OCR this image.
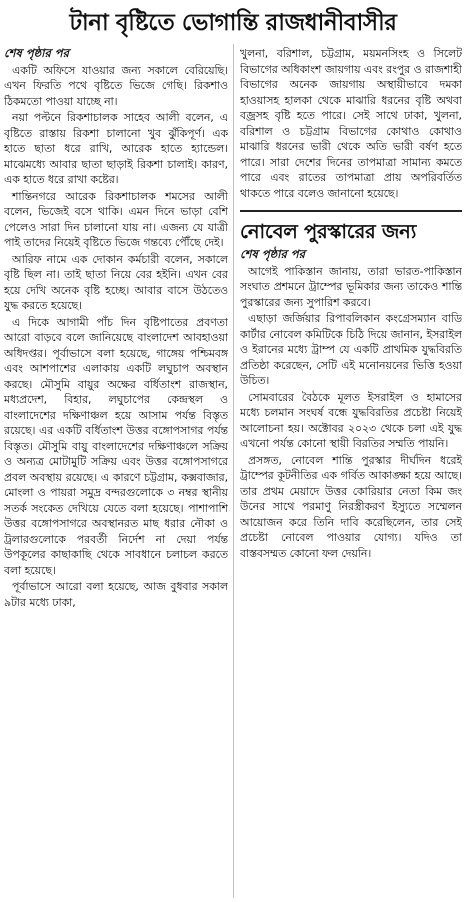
টানা বৃষ্টিতে ভোগান্তি রাজধানীবাসীর
শেষ পৃষ্ঠার পর

একটি অফিসে যাওয়ার জন্য সকালে বেরিয়েছি। এখন ফিরতি পথে বৃষ্টিতে ভিজে গেছি। রিকশাও ঠিকমতো পাওয়া যাচ্ছে না।

নয়া পল্টনে রিকশাচালক সাহেব আলী বলেন, এ বৃষ্টিতে রাস্তায় রিকশা চালানো খুব ঝুঁকিপূর্ণ। এক হাতে ছাতা ধরে রাখি, আরেক হাতে হ্যান্ডেল। মাঝেমধ্যে আবার ছাতা ছাড়াই রিকশা চালাই। কারণ, এক হাতে ধরে রাখা কষ্টের।

শান্তিনগরে আরেক রিকশাচালক শমসের আলী বলেন, ভিজেই বসে থাকি। এমন দিনে ভাড়া বেশি পেলেও সারা দিন চালানো যায় না। এজন্য যে যাত্রী পাই তাদের নিয়েই বৃষ্টিতে ভিজে গন্তব্যে পৌঁছে দেই।

আরিফ নামে এক দোকান কর্মচারী বলেন, সকালে বৃষ্টি ছিল না। তাই ছাতা নিয়ে বের হইনি। এখন বের হয়ে দেখি অনেক বৃষ্টি হচ্ছে। আবার বাসে উঠতেও যুদ্ধ করতে হয়েছে।

এ দিকে আগামী পাঁচ দিন বৃষ্টিপাতের প্রবণতা আরো বাড়বে বলে জানিয়েছে বাংলাদেশ আবহাওয়া অধিদপ্তর। পূর্বাভাসে বলা হয়েছে, গাঙ্গেয় পশ্চিমবঙ্গ এবং আশপাশের এলাকায় একটি লঘুচাপ অবস্থান করছে। মৌসুমি বায়ুর অক্ষের বর্ধিতাংশ রাজস্থান, মধ্যপ্রদেশ, বিহার, লঘুচাপের কেন্দ্রস্থল ও বাংলাদেশের দক্ষিণাঞ্চল হয়ে আসাম পর্যন্ত বিস্তৃত রয়েছে। এর একটি বর্ধিতাংশ উত্তর বঙ্গোপসাগর পর্যন্ত বিস্তৃত। মৌসুমি বায়ু বাংলাদেশের দক্ষিণাঞ্চলে সক্রিয় ও অন্যত্র মোটামুটি সক্রিয় এবং উত্তর বঙ্গোপসাগরে প্রবল অবস্থায় রয়েছে। এ কারণে চট্টগ্রাম, কক্সবাজার, মোংলা ও পায়রা সমুদ্র বন্দরগুলোকে ৩ নম্বর স্থানীয় সতর্ক সংকেত দেখিয়ে যেতে বলা হয়েছে। পাশাপাশি উত্তর বঙ্গোপসাগরে অবস্থানরত মাছ ধরার নৌকা ও ট্রলারগুলোকে পরবর্তী নির্দেশ না দেয়া পর্যন্ত উপকূলের কাছাকাছি থেকে সাবধানে চলাচল করতে বলা হয়েছে।

পূর্বাভাসে আরো বলা হয়েছে, আজ বুধবার সকাল ৯টার মধ্যে ঢাকা,

খুলনা, বরিশাল, চট্টগ্রাম, ময়মনসিংহ ও সিলেট বিভাগের অধিকাংশ জায়গায় এবং রংপুর ও রাজশাহী বিভাগের অনেক জায়গায় অস্থায়ীভাবে দমকা হাওয়াসহ হালকা থেকে মাঝারি ধরনের বৃষ্টি অথবা বজ্রসহ বৃষ্টি হতে পারে। সেই সাথে ঢাকা, খুলনা, বরিশাল ও চট্টগ্রাম বিভাগের কোথাও কোথাও মাঝারি ধরনের ভারী থেকে অতি ভারী বর্ষণ হতে পারে। সারা দেশের দিনের তাপমাত্রা সামান্য কমতে পারে এবং রাতের তাপমাত্রা প্রায় অপরিবর্তিত থাকতে পারে বলেও জানানো হয়েছে।

নোবেল পুরস্কারের জন্য
শেষ পৃষ্ঠার পর

আগেই পাকিস্তান জানায়, তারা ভারত-পাকিস্তান সংঘাত প্রশমনে ট্রাম্পের ভূমিকার জন্য তাকেও শান্তি পুরস্কারের জন্য সুপারিশ করবে।

এছাড়া জর্জিয়ার রিপাবলিকান কংগ্রেসম্যান বাডি কার্টার নোবেল কমিটিকে চিঠি দিয়ে জানান, ইসরাইল ও ইরানের মধ্যে ট্রাম্প যে একটি প্রাথমিক যুদ্ধবিরতি প্রতিষ্ঠা করেছেন, সেটি এই মনোনয়নের ভিত্তি হওয়া উচিত।

সোমবারের বৈঠকে মূলত ইসরাইল ও হামাসের মধ্যে চলমান সংঘর্ষ বন্ধে যুদ্ধবিরতির প্রচেষ্টা নিয়েই আলোচনা হয়। অক্টোবর ২০২৩ থেকে চলা এই যুদ্ধ এখনো পর্যন্ত কোনো স্থায়ী বিরতির সম্মতি পায়নি।

প্রসঙ্গত, নোবেল শান্তি পুরস্কার দীর্ঘদিন ধরেই ট্রাম্পের কূটনীতির এক গর্বিত আকাঙ্ক্ষা হয়ে আছে। তার প্রথম মেয়াদে উত্তর কোরিয়ার নেতা কিম জং উনের সাথে পরমাণু নিরস্ত্রীকরণ ইস্যুতে সম্মেলন আয়োজন করে তিনি দাবি করেছিলেন, তার সেই প্রচেষ্টা নোবেল পাওয়ার যোগ্য। যদিও তা বাস্তবসম্মত কোনো ফল দেয়নি।
